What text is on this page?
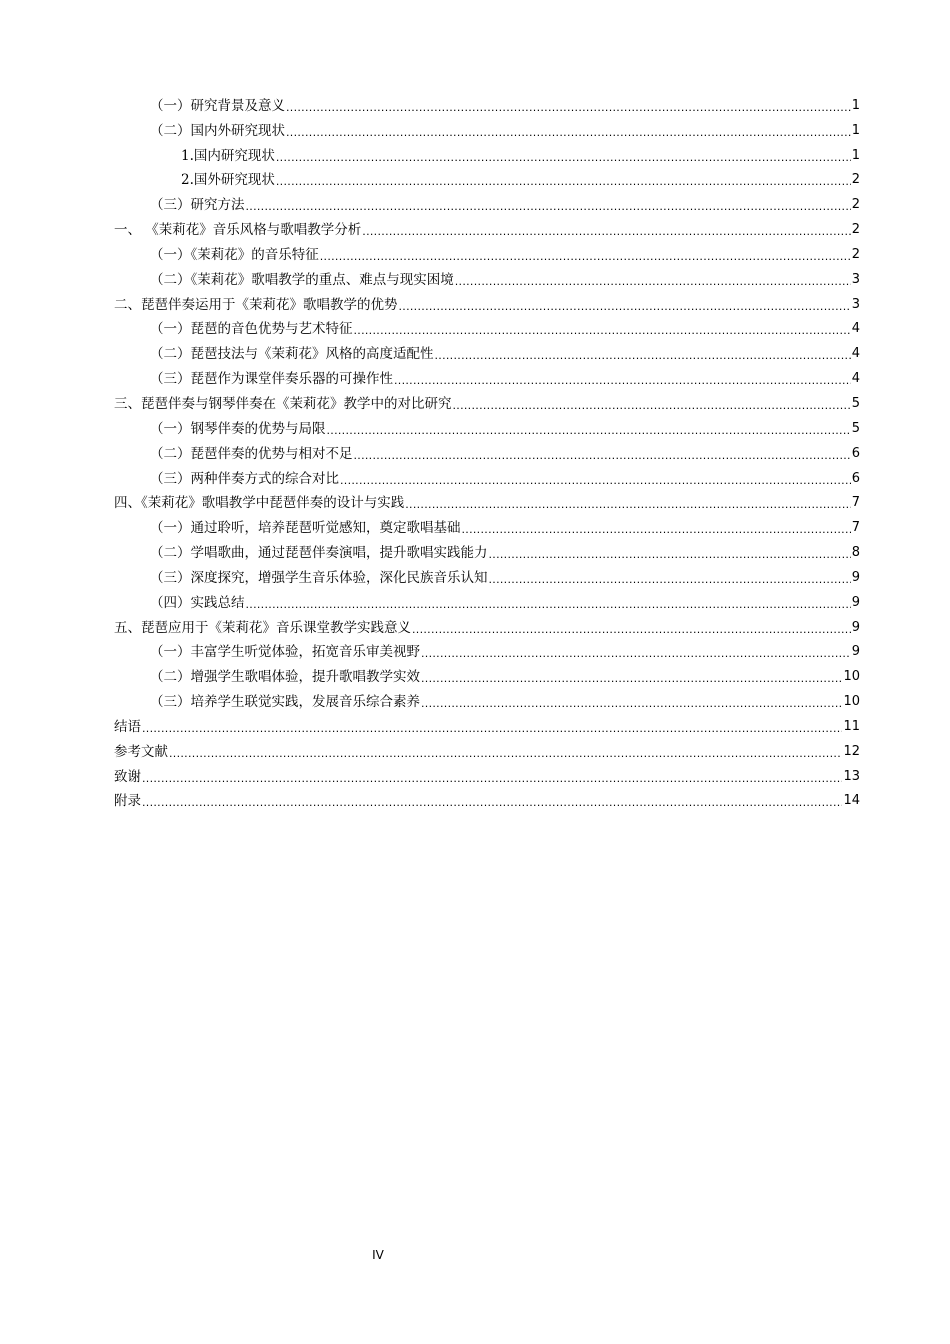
（一）研究背景及意义 .....	1
（二）国内外研究现状 .....	1
1.国内研究现状 .....	1
2.国外研究现状 .....	2
（三）研究方法 .....	2
一、 《茉莉花》音乐风格与歌唱教学分析 .....	2
（一）《茉莉花》的音乐特征 .....	2
（二）《茉莉花》歌唱教学的重点、难点与现实困境 .....	3
二、琵琶伴奏运用于《茉莉花》歌唱教学的优势 .....	3
（一）琵琶的音色优势与艺术特征 .....	4
（二）琵琶技法与《茉莉花》风格的高度适配性 .....	4
（三）琵琶作为课堂伴奏乐器的可操作性 .....	4
三、琵琶伴奏与钢琴伴奏在《茉莉花》教学中的对比研究 .....	5
（一）钢琴伴奏的优势与局限 .....	5
（二）琵琶伴奏的优势与相对不足 .....	6
（三）两种伴奏方式的综合对比 .....	6
四、《茉莉花》歌唱教学中琵琶伴奏的设计与实践 .....	7
（一）通过聆听，培养琵琶听觉感知，奠定歌唱基础 .....	7
（二）学唱歌曲，通过琵琶伴奏演唱，提升歌唱实践能力 .....	8
（三）深度探究，增强学生音乐体验，深化民族音乐认知 .....	9
（四）实践总结 .....	9
五、琵琶应用于《茉莉花》音乐课堂教学实践意义 .....	9
（一）丰富学生听觉体验，拓宽音乐审美视野 .....	9
（二）增强学生歌唱体验，提升歌唱教学实效 .....	10
（三）培养学生联觉实践，发展音乐综合素养 .....	10
结语 .....	11
参考文献 .....	12
致谢 .....	13
附录 .....	14
IV
